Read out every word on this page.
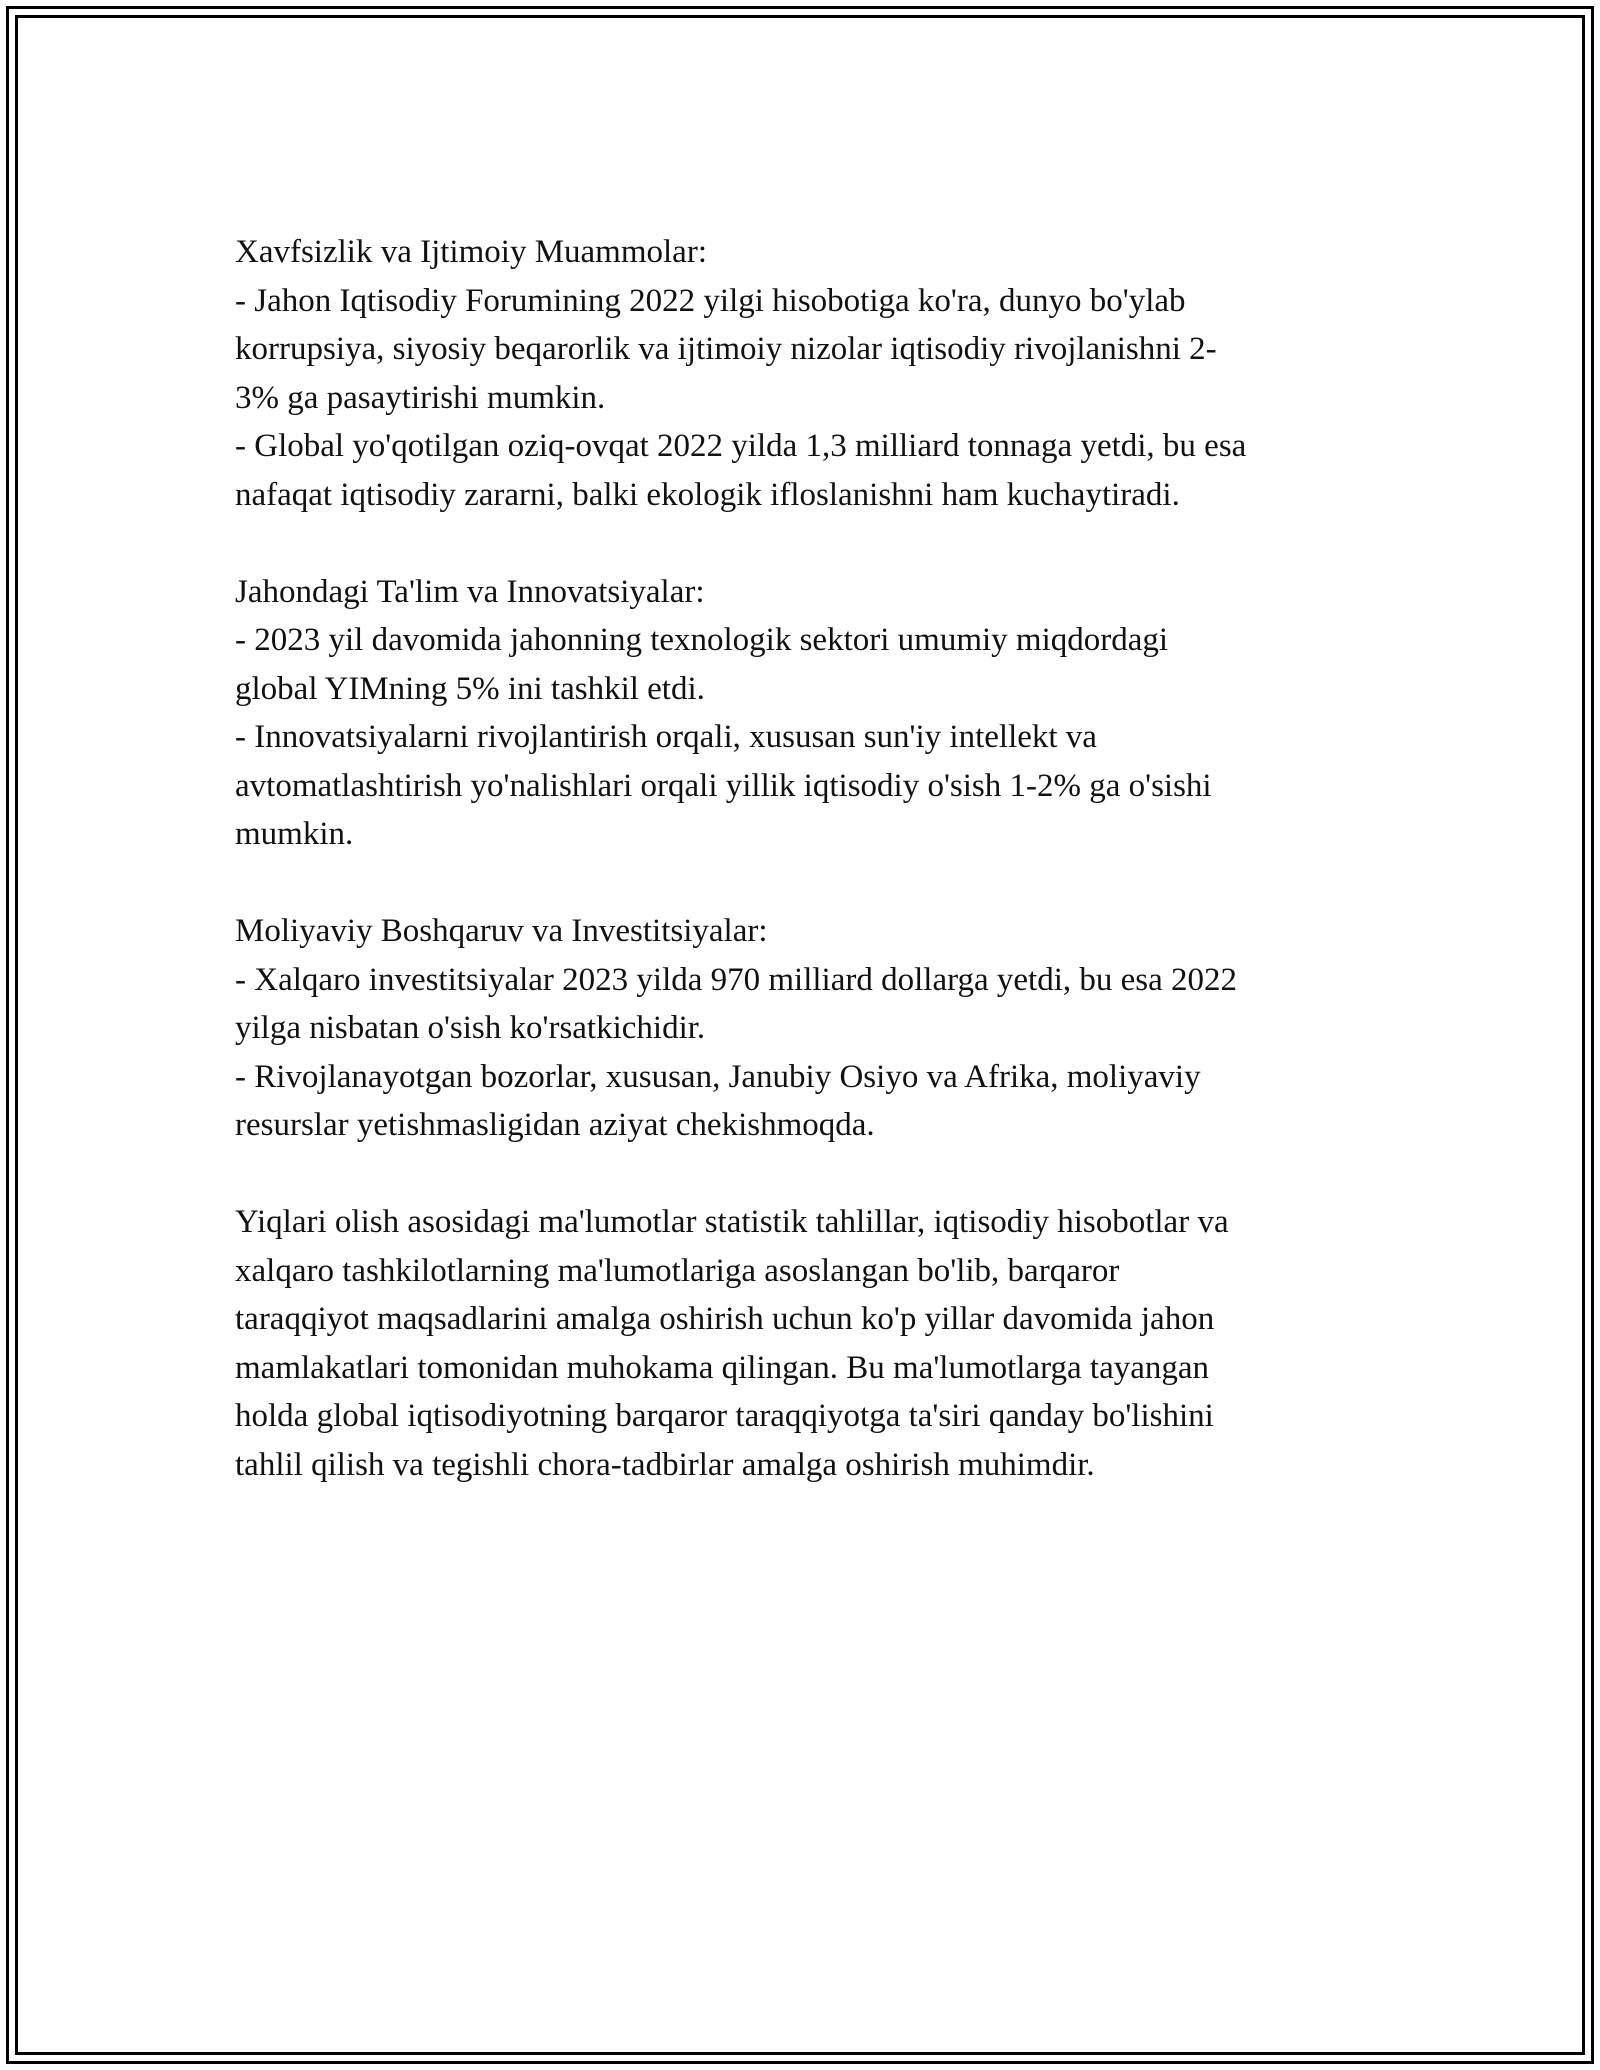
Xavfsizlik va Ijtimoiy Muammolar:
- Jahon Iqtisodiy Forumining 2022 yilgi hisobotiga ko'ra, dunyo bo'ylab
korrupsiya, siyosiy beqarorlik va ijtimoiy nizolar iqtisodiy rivojlanishni 2-
3% ga pasaytirishi mumkin.
- Global yo'qotilgan oziq-ovqat 2022 yilda 1,3 milliard tonnaga yetdi, bu esa
nafaqat iqtisodiy zararni, balki ekologik ifloslanishni ham kuchaytiradi.
Jahondagi Ta'lim va Innovatsiyalar:
- 2023 yil davomida jahonning texnologik sektori umumiy miqdordagi
global YIMning 5% ini tashkil etdi.
- Innovatsiyalarni rivojlantirish orqali, xususan sun'iy intellekt va
avtomatlashtirish yo'nalishlari orqali yillik iqtisodiy o'sish 1-2% ga o'sishi
mumkin.
Moliyaviy Boshqaruv va Investitsiyalar:
- Xalqaro investitsiyalar 2023 yilda 970 milliard dollarga yetdi, bu esa 2022
yilga nisbatan o'sish ko'rsatkichidir.
- Rivojlanayotgan bozorlar, xususan, Janubiy Osiyo va Afrika, moliyaviy
resurslar yetishmasligidan aziyat chekishmoqda.
Yiqlari olish asosidagi ma'lumotlar statistik tahlillar, iqtisodiy hisobotlar va
xalqaro tashkilotlarning ma'lumotlariga asoslangan bo'lib, barqaror
taraqqiyot maqsadlarini amalga oshirish uchun ko'p yillar davomida jahon
mamlakatlari tomonidan muhokama qilingan. Bu ma'lumotlarga tayangan
holda global iqtisodiyotning barqaror taraqqiyotga ta'siri qanday bo'lishini
tahlil qilish va tegishli chora-tadbirlar amalga oshirish muhimdir.
